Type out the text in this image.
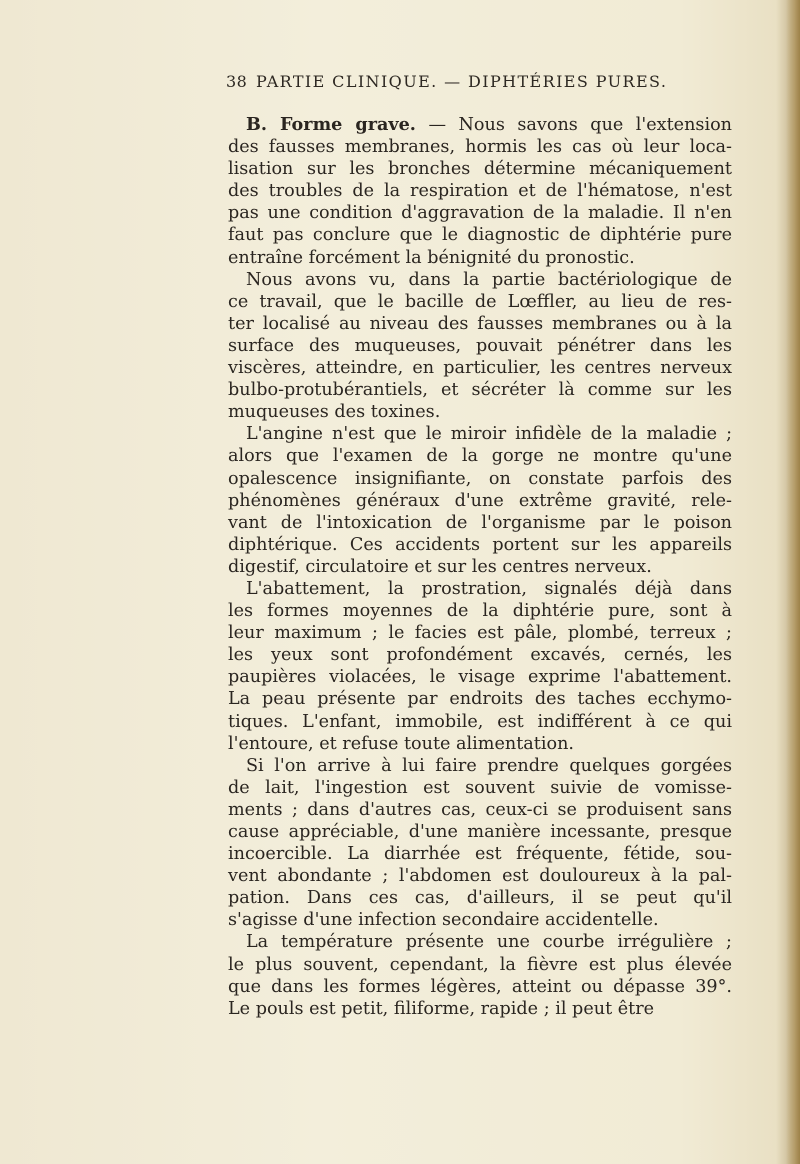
38 PARTIE CLINIQUE. — DIPHTÉRIES PURES.
B. Forme grave. — Nous savons que l'extension
des fausses membranes, hormis les cas où leur loca-
lisation sur les bronches détermine mécaniquement
des troubles de la respiration et de l'hématose, n'est
pas une condition d'aggravation de la maladie. Il n'en
faut pas conclure que le diagnostic de diphtérie pure
entraîne forcément la bénignité du pronostic.
Nous avons vu, dans la partie bactériologique de
ce travail, que le bacille de Lœffler, au lieu de res-
ter localisé au niveau des fausses membranes ou à la
surface des muqueuses, pouvait pénétrer dans les
viscères, atteindre, en particulier, les centres nerveux
bulbo-protubérantiels, et sécréter là comme sur les
muqueuses des toxines.
L'angine n'est que le miroir infidèle de la maladie ;
alors que l'examen de la gorge ne montre qu'une
opalescence insignifiante, on constate parfois des
phénomènes généraux d'une extrême gravité, rele-
vant de l'intoxication de l'organisme par le poison
diphtérique. Ces accidents portent sur les appareils
digestif, circulatoire et sur les centres nerveux.
L'abattement, la prostration, signalés déjà dans
les formes moyennes de la diphtérie pure, sont à
leur maximum ; le facies est pâle, plombé, terreux ;
les yeux sont profondément excavés, cernés, les
paupières violacées, le visage exprime l'abattement.
La peau présente par endroits des taches ecchymo-
tiques. L'enfant, immobile, est indifférent à ce qui
l'entoure, et refuse toute alimentation.
Si l'on arrive à lui faire prendre quelques gorgées
de lait, l'ingestion est souvent suivie de vomisse-
ments ; dans d'autres cas, ceux-ci se produisent sans
cause appréciable, d'une manière incessante, presque
incoercible. La diarrhée est fréquente, fétide, sou-
vent abondante ; l'abdomen est douloureux à la pal-
pation. Dans ces cas, d'ailleurs, il se peut qu'il
s'agisse d'une infection secondaire accidentelle.
La température présente une courbe irrégulière ;
le plus souvent, cependant, la fièvre est plus élevée
que dans les formes légères, atteint ou dépasse 39°.
Le pouls est petit, filiforme, rapide ; il peut être
